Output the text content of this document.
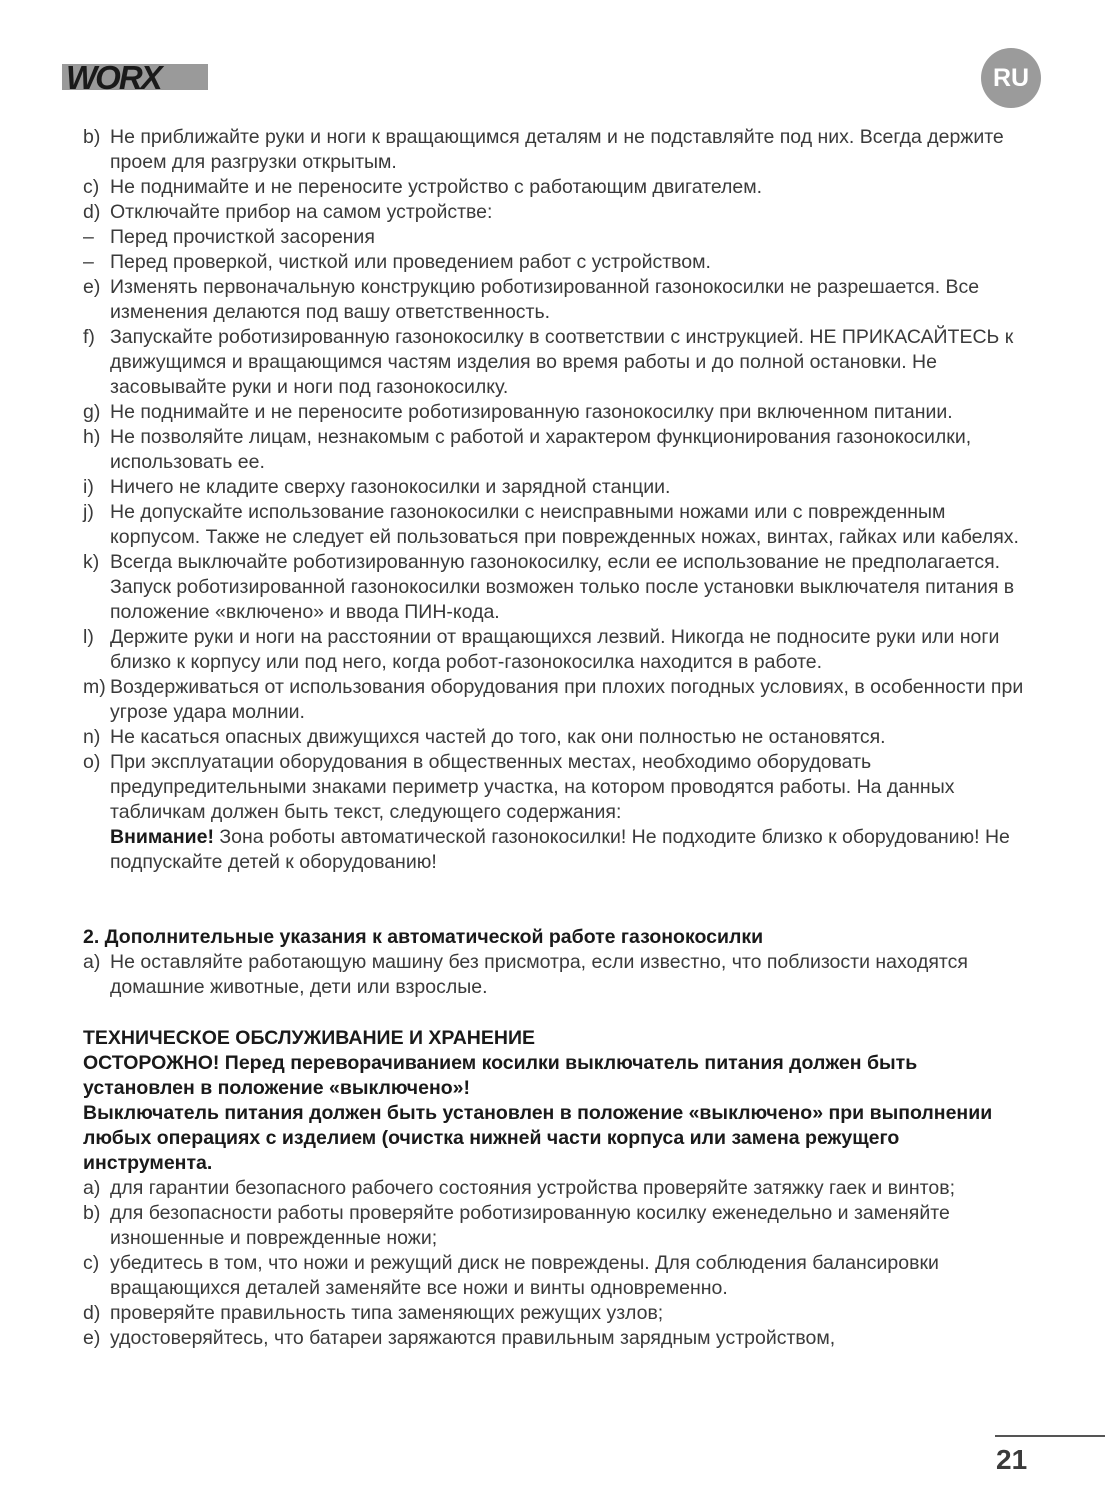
WORX	RU
b) Не приближайте руки и ноги к вращающимся деталям и не подставляйте под них. Всегда держите проем для разгрузки открытым.
c) Не поднимайте и не переносите устройство с работающим двигателем.
d) Отключайте прибор на самом устройстве:
– Перед прочисткой засорения
– Перед проверкой, чисткой или проведением работ с устройством.
e) Изменять первоначальную конструкцию роботизированной газонокосилки не разрешается. Все изменения делаются под вашу ответственность.
f) Запускайте роботизированную газонокосилку в соответствии с инструкцией. НЕ ПРИКАСАЙТЕСЬ к движущимся и вращающимся частям изделия во время работы и до полной остановки. Не засовывайте руки и ноги под газонокосилку.
g) Не поднимайте и не переносите роботизированную газонокосилку при включенном питании.
h) Не позволяйте лицам, незнакомым с работой и характером функционирования газонокосилки, использовать ее.
i) Ничего не кладите сверху газонокосилки и зарядной станции.
j) Не допускайте использование газонокосилки с неисправными ножами или с поврежденным корпусом. Также не следует ей пользоваться при поврежденных ножах, винтах, гайках или кабелях.
k) Всегда выключайте роботизированную газонокосилку, если ее использование не предполагается. Запуск роботизированной газонокосилки возможен только после установки выключателя питания в положение «включено» и ввода ПИН-кода.
l) Держите руки и ноги на расстоянии от вращающихся лезвий. Никогда не подносите руки или ноги близко к корпусу или под него, когда робот-газонокосилка находится в работе.
m) Воздерживаться от использования оборудования при плохих погодных условиях, в особенности при угрозе удара молнии.
n) Не касаться опасных движущихся частей до того, как они полностью не остановятся.
o) При эксплуатации оборудования в общественных местах, необходимо оборудовать предупредительными знаками периметр участка, на котором проводятся работы. На данных табличкам должен быть текст, следующего содержания:
Внимание! Зона роботы автоматической газонокосилки! Не подходите близко к оборудованию! Не подпускайте детей к оборудованию!
2. Дополнительные указания к автоматической работе газонокосилки
a) Не оставляйте работающую машину без присмотра, если известно, что поблизости находятся домашние животные, дети или взрослые.
ТЕХНИЧЕСКОЕ ОБСЛУЖИВАНИЕ И ХРАНЕНИЕ
ОСТОРОЖНО! Перед переворачиванием косилки выключатель питания должен быть установлен в положение «выключено»!
Выключатель питания должен быть установлен в положение «выключено» при выполнении любых операциях с изделием (очистка нижней части корпуса или замена режущего инструмента.
a) для гарантии безопасного рабочего состояния устройства проверяйте затяжку гаек и винтов;
b) для безопасности работы проверяйте роботизированную косилку еженедельно и заменяйте изношенные и поврежденные ножи;
c) убедитесь в том, что ножи и режущий диск не повреждены. Для соблюдения балансировки вращающихся деталей заменяйте все ножи и винты одновременно.
d) проверяйте правильность типа заменяющих режущих узлов;
e) удостоверяйтесь, что батареи заряжаются правильным зарядным устройством,
21
